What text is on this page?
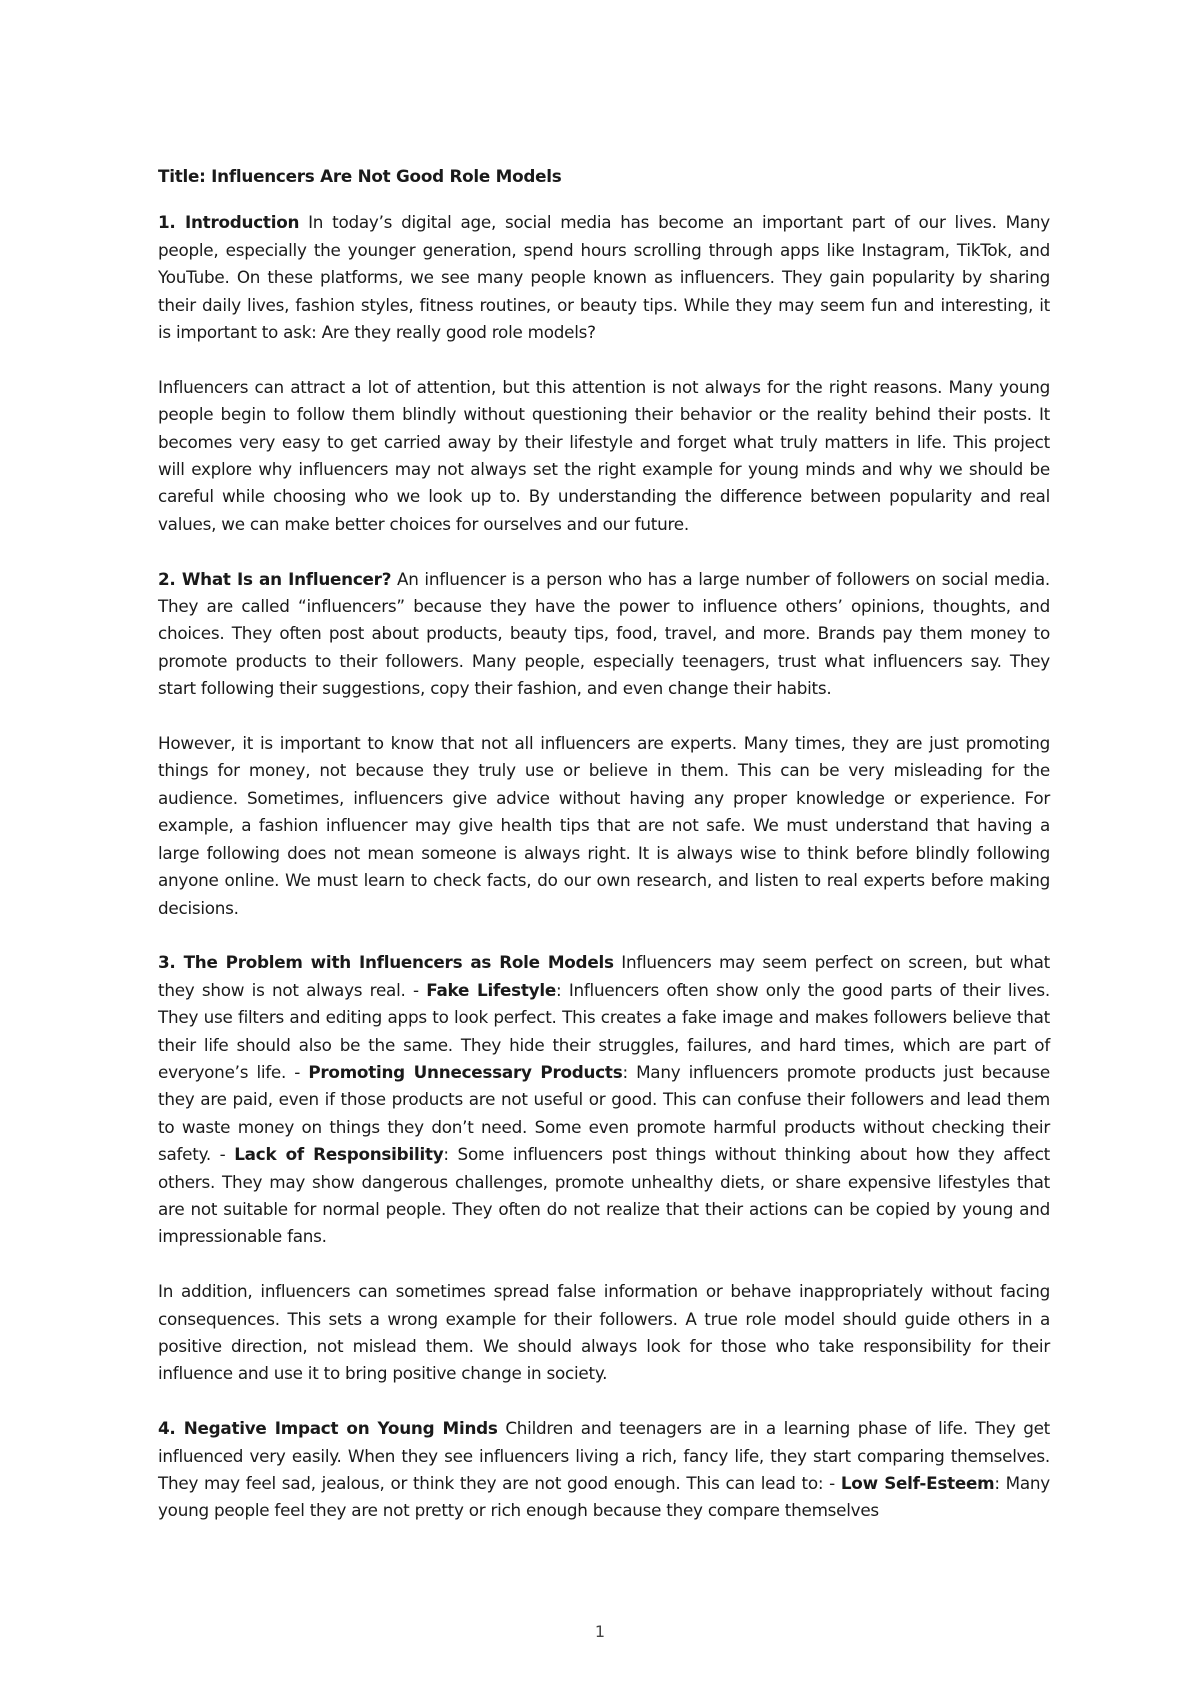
Title: Influencers Are Not Good Role Models

1. Introduction In today’s digital age, social media has become an important part of our lives. Many people, especially the younger generation, spend hours scrolling through apps like Instagram, TikTok, and YouTube. On these platforms, we see many people known as influencers. They gain popularity by sharing their daily lives, fashion styles, fitness routines, or beauty tips. While they may seem fun and interesting, it is important to ask: Are they really good role models?

Influencers can attract a lot of attention, but this attention is not always for the right reasons. Many young people begin to follow them blindly without questioning their behavior or the reality behind their posts. It becomes very easy to get carried away by their lifestyle and forget what truly matters in life. This project will explore why influencers may not always set the right example for young minds and why we should be careful while choosing who we look up to. By understanding the difference between popularity and real values, we can make better choices for ourselves and our future.

2. What Is an Influencer? An influencer is a person who has a large number of followers on social media. They are called “influencers” because they have the power to influence others’ opinions, thoughts, and choices. They often post about products, beauty tips, food, travel, and more. Brands pay them money to promote products to their followers. Many people, especially teenagers, trust what influencers say. They start following their suggestions, copy their fashion, and even change their habits.

However, it is important to know that not all influencers are experts. Many times, they are just promoting things for money, not because they truly use or believe in them. This can be very misleading for the audience. Sometimes, influencers give advice without having any proper knowledge or experience. For example, a fashion influencer may give health tips that are not safe. We must understand that having a large following does not mean someone is always right. It is always wise to think before blindly following anyone online. We must learn to check facts, do our own research, and listen to real experts before making decisions.

3. The Problem with Influencers as Role Models Influencers may seem perfect on screen, but what they show is not always real. - Fake Lifestyle: Influencers often show only the good parts of their lives. They use filters and editing apps to look perfect. This creates a fake image and makes followers believe that their life should also be the same. They hide their struggles, failures, and hard times, which are part of everyone’s life. - Promoting Unnecessary Products: Many influencers promote products just because they are paid, even if those products are not useful or good. This can confuse their followers and lead them to waste money on things they don’t need. Some even promote harmful products without checking their safety. - Lack of Responsibility: Some influencers post things without thinking about how they affect others. They may show dangerous challenges, promote unhealthy diets, or share expensive lifestyles that are not suitable for normal people. They often do not realize that their actions can be copied by young and impressionable fans.

In addition, influencers can sometimes spread false information or behave inappropriately without facing consequences. This sets a wrong example for their followers. A true role model should guide others in a positive direction, not mislead them. We should always look for those who take responsibility for their influence and use it to bring positive change in society.

4. Negative Impact on Young Minds Children and teenagers are in a learning phase of life. They get influenced very easily. When they see influencers living a rich, fancy life, they start comparing themselves. They may feel sad, jealous, or think they are not good enough. This can lead to: - Low Self-Esteem: Many young people feel they are not pretty or rich enough because they compare themselves

1
